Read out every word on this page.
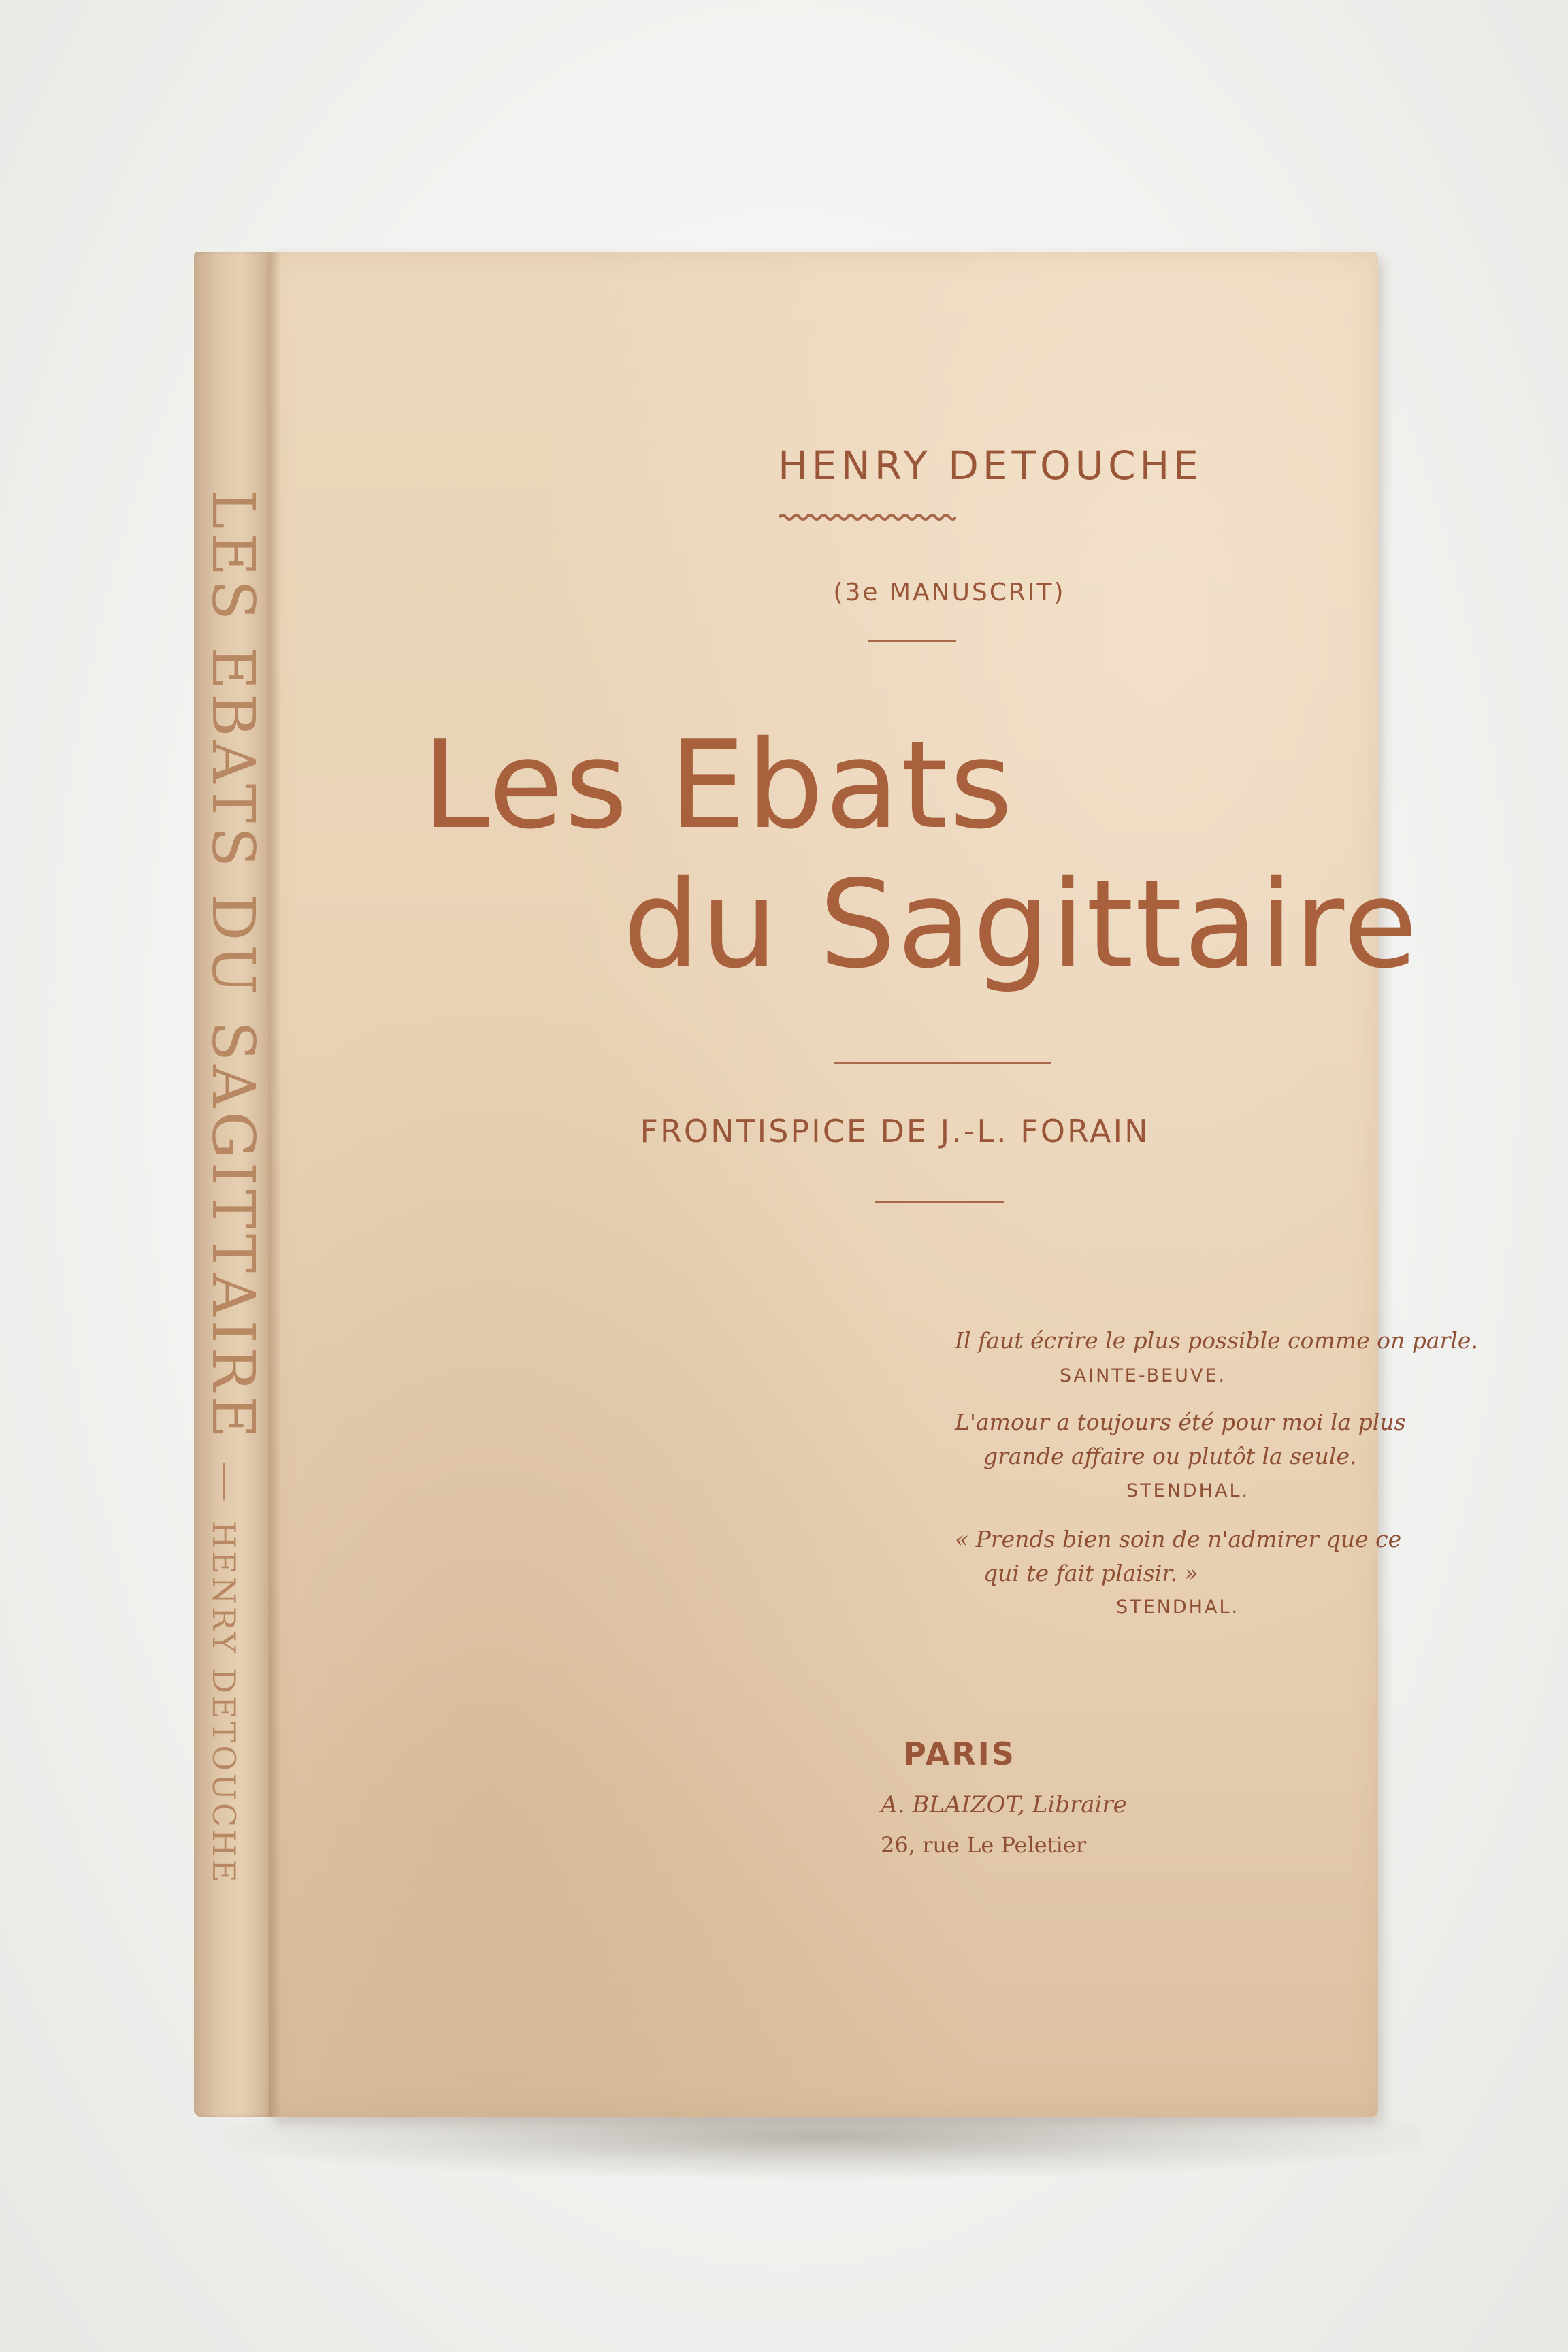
LES EBATS DU SAGITTAIRE—HENRY DETOUCHE
HENRY DETOUCHE
(3e MANUSCRIT)
Les Ebats
du Sagittaire
FRONTISPICE DE J.-L. FORAIN
Il faut écrire le plus possible comme on parle.
SAINTE-BEUVE.
L'amour a toujours été pour moi la plus
grande affaire ou plutôt la seule.
STENDHAL.
« Prends bien soin de n'admirer que ce
qui te fait plaisir. »
STENDHAL.
PARIS
A. BLAIZOT, Libraire
26, rue Le Peletier
